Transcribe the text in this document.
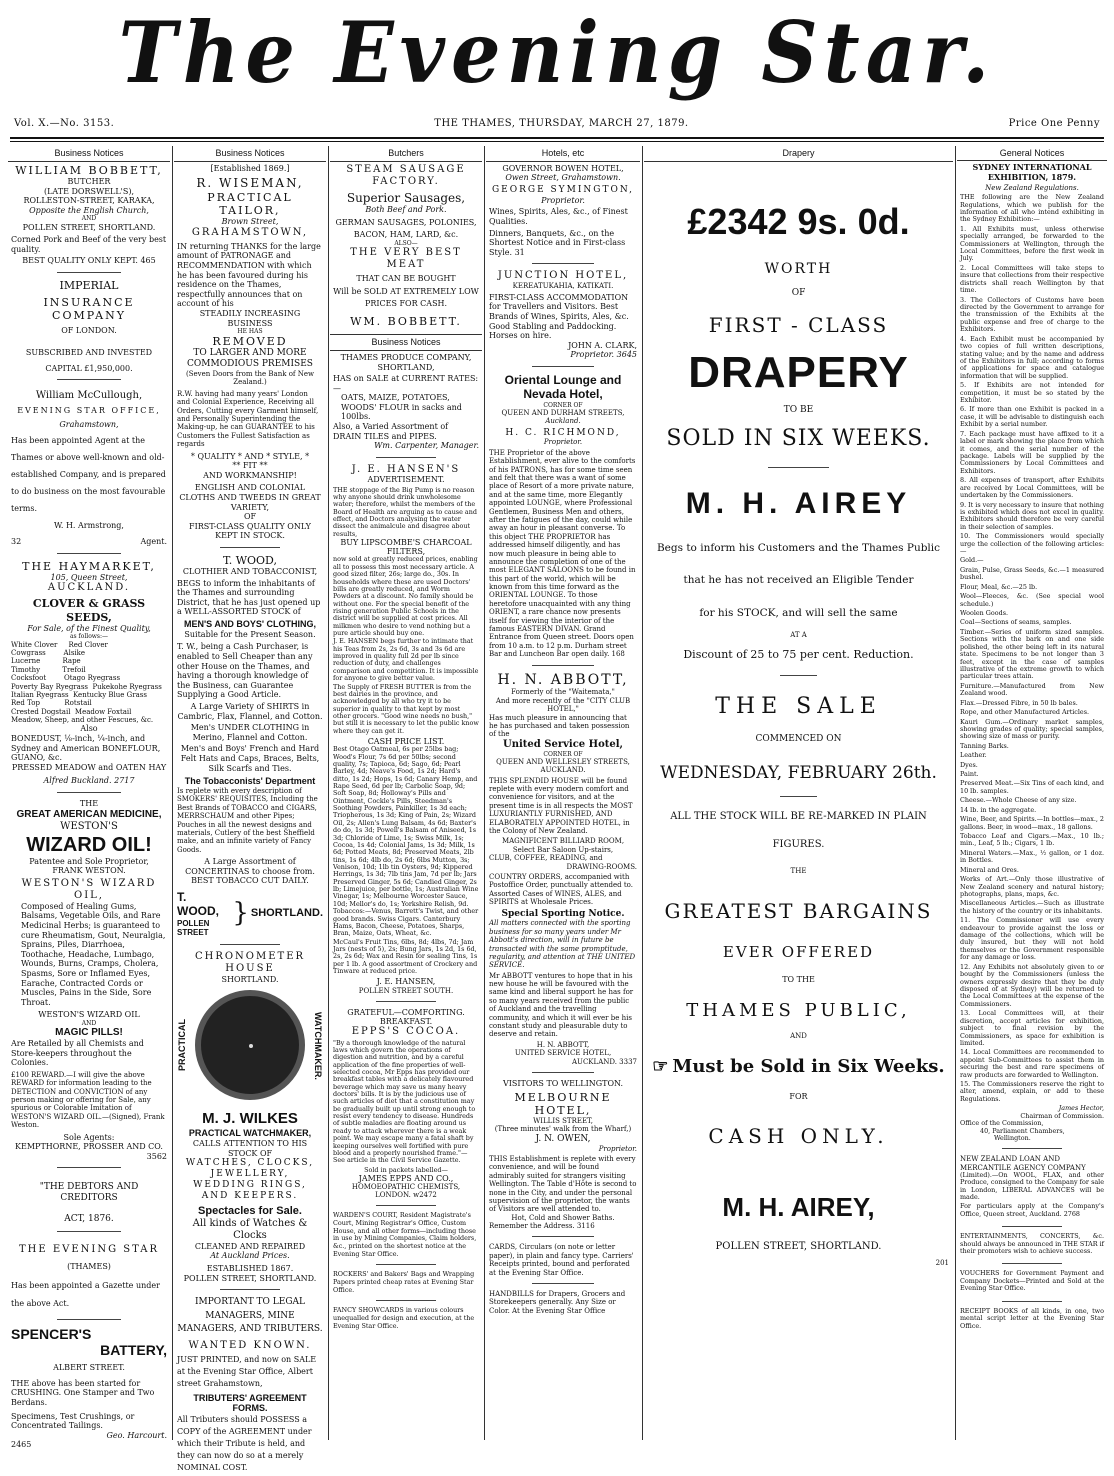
The Evening Star.
Vol. X.—No. 3153.	THE THAMES, THURSDAY, MARCH 27, 1879.	Price One Penny
Business Notices
WILLIAM BOBBETT,
BUTCHER
(LATE DORSWELL'S),
ROLLESTON-STREET, KARAKA,
Opposite the English Church,
AND
POLLEN STREET, SHORTLAND.
Corned Pork and Beef of the very best quality.
BEST QUALITY ONLY KEPT. 465
IMPERIAL
INSURANCE COMPANY
OF LONDON.
SUBSCRIBED AND INVESTED
CAPITAL £1,950,000.
William McCullough,
EVENING STAR OFFICE,
Grahamstown,
Has been appointed Agent at the Thames or above well-known and old-established Company, and is prepared to do business on the most favourable terms.
W. H. Armstrong,
32	Agent.
THE HAYMARKET,
105, Queen Street,
AUCKLAND.
CLOVER & GRASS SEEDS,
For Sale, of the Finest Quality,
as follows:—
White Clover     Red Clover
Cowgrass        Alsike
Lucerne          Rape
Timothy          Trefoil
Cocksfoot        Otago Ryegrass
Poverty Bay Ryegrass  Pukekohe Ryegrass
Italian Ryegrass  Kentucky Blue Grass
Red Top           Rotstail
Crested Dogstail  Meadow Foxtail
Meadow, Sheep, and other Fescues, &c.
Also
BONEDUST, ⅛-inch, ¼-inch, and Sydney and American BONEFLOUR, GUANO, &c.
PRESSED MEADOW and OATEN HAY
Alfred Buckland. 2717
THE
GREAT AMERICAN MEDICINE,
WESTON'S
WIZARD OIL!
Patentee and Sole Proprietor,
FRANK WESTON.
WESTON'S WIZARD OIL,
Composed of Healing Gums, Balsams, Vegetable Oils, and Rare Medicinal Herbs; is guaranteed to cure Rheumatism, Gout, Neuralgia, Sprains, Piles, Diarrhoea, Toothache, Headache, Lumbago, Wounds, Burns, Cramps, Cholera, Spasms, Sore or Inflamed Eyes, Earache, Contracted Cords or Muscles, Pains in the Side, Sore Throat.
WESTON'S WIZARD OIL
AND
MAGIC PILLS!
Are Retailed by all Chemists and Store-keepers throughout the Colonies.
£100 REWARD.—I will give the above REWARD for information leading to the DETECTION and CONVICTION of any person making or offering for Sale, any spurious or Colorable Imitation of WESTON'S WIZARD OIL.—(Signed), Frank Weston.
Sole Agents:
KEMPTHORNE, PROSSER AND CO.
3562
"THE DEBTORS AND CREDITORS
ACT, 1876.
THE EVENING STAR
(THAMES)
Has been appointed a Gazette under the above Act.
SPENCER'S
BATTERY,
ALBERT STREET.
THE above has been started for CRUSHING. One Stamper and Two Berdans.
Specimens, Test Crushings, or Concentrated Tailings.
Geo. Harcourt.
2465
Business Notices
[Established 1869.]
R. WISEMAN,
PRACTICAL TAILOR,
Brown Street,
GRAHAMSTOWN,
IN returning THANKS for the large amount of PATRONAGE and RECOMMENDATION with which he has been favoured during his residence on the Thames, respectfully announces that on account of his
STEADILY INCREASING BUSINESS
HE HAS
REMOVED
TO LARGER AND MORE COMMODIOUS PREMISES
(Seven Doors from the Bank of New Zealand.)
R.W. having had many years' London and Colonial Experience, Receiving all Orders, Cutting every Garment himself, and Personally Superintending the Making-up, he can GUARANTEE to his Customers the Fullest Satisfaction as regards
* QUALITY * AND * STYLE, *
** FIT **
AND WORKMANSHIP!
ENGLISH AND COLONIAL CLOTHS AND TWEEDS IN GREAT VARIETY,
OF
FIRST-CLASS QUALITY ONLY KEPT IN STOCK.
T. WOOD,
CLOTHIER AND TOBACCONIST,
BEGS to inform the inhabitants of the Thames and surrounding District, that he has just opened up a WELL-ASSORTED STOCK of
MEN'S AND BOYS' CLOTHING,
Suitable for the Present Season.
T. W., being a Cash Purchaser, is enabled to Sell Cheaper than any other House on the Thames, and having a thorough knowledge of the Business, can Guarantee Supplying a Good Article.
A Large Variety of SHIRTS in Cambric, Flax, Flannel, and Cotton.
Men's UNDER CLOTHING in Merino, Flannel and Cotton.
Men's and Boys' French and Hard Felt Hats and Caps, Braces, Belts, Silk Scarfs and Ties.
The Tobacconists' Department
Is replete with every description of SMOKERS' REQUISITES, Including the Best Brands of TOBACCO and CIGARS, MERRSCHAUM and other Pipes; Pouches in all the newest designs and materials, Cutlery of the best Sheffield make, and an infinite variety of Fancy Goods.
A Large Assortment of CONCERTINAS to choose from.
BEST TOBACCO CUT DAILY.
T. WOOD,
POLLEN STREET
} SHORTLAND.
CHRONOMETER HOUSE
SHORTLAND.
PRACTICAL	WATCHMAKER.
M. J. WILKES
PRACTICAL WATCHMAKER,
CALLS ATTENTION TO HIS STOCK OF
WATCHES, CLOCKS, JEWELLERY, WEDDING RINGS, AND KEEPERS.
Spectacles for Sale.
All kinds of Watches & Clocks
CLEANED AND REPAIRED
At Auckland Prices.
ESTABLISHED 1867.
POLLEN STREET, SHORTLAND.
IMPORTANT TO LEGAL MANAGERS, MINE MANAGERS, AND TRIBUTERS.
WANTED KNOWN.
JUST PRINTED, and now on SALE at the Evening Star Office, Albert street Grahamstown,
TRIBUTERS' AGREEMENT FORMS.
All Tributers should POSSESS a COPY of the AGREEMENT under which their Tribute is held, and they can now do so at a merely NOMINAL COST.
Butchers
STEAM SAUSAGE FACTORY.
Superior Sausages,
Both Beef and Pork.
GERMAN SAUSAGES, POLONIES,
BACON, HAM, LARD, &c.
ALSO—
THE VERY BEST MEAT
THAT CAN BE BOUGHT
Will be SOLD AT EXTREMELY LOW
PRICES FOR CASH.
WM. BOBBETT.
Business Notices
THAMES PRODUCE COMPANY, SHORTLAND,
HAS on SALE at CURRENT RATES:—
OATS, MAIZE, POTATOES, WOODS' FLOUR in sacks and 100lbs.
Also, a Varied Assortment of DRAIN TILES and PIPES.
Wm. Carpenter, Manager.
J. E. HANSEN'S
ADVERTISEMENT.
THE stoppage of the Big Pump is no reason why anyone should drink unwholesome water; therefore, whilst the members of the Board of Health are arguing as to cause and effect, and Doctors analysing the water dissect the animalcule and disagree about results,
BUY LIPSCOMBE'S CHARCOAL FILTERS,
now sold at greatly reduced prices, enabling all to possess this most necessary article. A good sized filter, 26s; large do., 30s. In households where these are used Doctors' bills are greatly reduced, and Worm Powders at a discount. No family should be without one. For the special benefit of the rising generation Public Schools in the district will be supplied at cost prices. All milkmen who desire to vend nothing but a pure article should buy one.
J. E. HANSEN begs further to intimate that his Teas from 2s, 2s 6d, 3s and 3s 6d are improved in quality full 2d per lb since reduction of duty, and challenges comparison and competition. It is impossible for anyone to give better value.
The Supply of FRESH BUTTER is from the best dairies in the province, and acknowledged by all who try it to be superior in quality to that kept by most other grocers. "Good wine needs no bush," but still it is necessary to let the public know where they can get it.
CASH PRICE LIST.
Best Otago Oatmeal, 6s per 25lbs bag; Wood's Flour, 7s 6d per 50lbs; second quality, 7s; Tapioca, 6d; Sago, 6d; Pearl Barley, 4d; Neave's Food, 1s 2d; Hard's ditto, 1s 2d; Hops, 1s 6d; Canary Hemp, and Rape Seed, 6d per lb; Carbolic Soap, 9d; Soft Soap, 8d; Holloway's Pills and Ointment, Cockle's Pills, Steedman's Soothing Powders, Painkiller, 1s 3d each; Triopherous, 1s 3d; King of Pain, 2s; Wizard Oil, 2s; Allen's Lung Balsam, 4s 6d; Baxter's do do, 1s 3d; Powell's Balsam of Aniseed, 1s 3d; Chloride of Lime, 1s; Swiss Milk, 1s; Cocoa, 1s 4d; Colonial Jams, 1s 3d; Milk, 1s 6d; Potted Meats, 8d; Preserved Meats, 2lb tins, 1s 6d; 4lb do, 2s 6d; 6lbs Mutton, 3s; Venison, 10d; 1lb tin Oysters, 9d; Kippered Herrings, 1s 3d; 7lb tins Jam, 7d per lb; Jars Preserved Ginger, 5s 6d; Candied Ginger, 2s lb; Limejuice, per bottle, 1s; Australian Wine Vinegar, 1s; Melbourne Worcester Sauce, 10d; Mellor's do, 1s; Yorkshire Relish, 9d. Tobaccos:—Venus, Barrett's Twist, and other good brands. Swiss Cigars. Canterbury Hams, Bacon, Cheese, Potatoes, Sharps, Bran, Maize, Oats, Wheat, &c.
McCaul's Fruit Tins, 6lbs, 8d; 4lbs, 7d; Jam Jars (nests of 5), 2s; Bung Jars, 1s 2d, 1s 6d, 2s, 2s 6d; Wax and Resin for sealing Tins, 1s per 1 lb. A good assortment of Crockery and Tinware at reduced price.
J. E. HANSEN,
POLLEN STREET SOUTH.
GRATEFUL—COMFORTING.
BREAKFAST.
EPPS'S COCOA.
"By a thorough knowledge of the natural laws which govern the operations of digestion and nutrition, and by a careful application of the fine properties of well-selected cocoa, Mr Epps has provided our breakfast tables with a delicately flavoured beverage which may save us many heavy doctors' bills. It is by the judicious use of such articles of diet that a constitution may be gradually built up until strong enough to resist every tendency to disease. Hundreds of subtle maladies are floating around us ready to attack wherever there is a weak point. We may escape many a fatal shaft by keeping ourselves well fortified with pure blood and a properly nourished frame."—See article in the Civil Service Gazette.
Sold in packets labelled—
JAMES EPPS AND CO.,
HOMOEOPATHIC CHEMISTS,
LONDON. w2472
WARDEN'S COURT, Resident Magistrate's Court, Mining Registrar's Office, Custom House, and all other forms—including those in use by Mining Companies, Claim holders, &c., printed on the shortest notice at the Evening Star Office.
ROCKERS' and Bakers' Bags and Wrapping Papers printed cheap rates at Evening Star Office.
FANCY SHOWCARDS in various colours unequalled for design and execution, at the Evening Star Office.
Hotels, etc
GOVERNOR BOWEN HOTEL,
Owen Street, Grahamstown.
GEORGE SYMINGTON,
Proprietor.
Wines, Spirits, Ales, &c., of Finest Qualities.
Dinners, Banquets, &c., on the Shortest Notice and in First-class Style. 31
JUNCTION HOTEL,
KEREATUKAHIA, KATIKATI.
FIRST-CLASS ACCOMMODATION for Travellers and Visitors. Best Brands of Wines, Spirits, Ales, &c. Good Stabling and Paddocking. Horses on hire.
JOHN A. CLARK,
Proprietor. 3645
Oriental Lounge and Nevada Hotel,
CORNER OF
QUEEN AND DURHAM STREETS,
Auckland.
H. C. RICHMOND,
Proprietor.
THE Proprietor of the above Establishment, ever alive to the comforts of his PATRONS, has for some time seen and felt that there was a want of some place of Resort of a more private nature, and at the same time, more Elegantly appointed LOUNGE, where Professional Gentlemen, Business Men and others, after the fatigues of the day, could while away an hour in pleasant converse. To this object THE PROPRIETOR has addressed himself diligently, and has now much pleasure in being able to announce the completion of one of the most ELEGANT SALOONS to be found in this part of the world, which will be known from this time forward as the ORIENTAL LOUNGE. To those heretofore unacquainted with any thing ORIENT, a rare chance now presents itself for viewing the interior of the famous EASTERN DIVAN. Grand Entrance from Queen street. Doors open from 10 a.m. to 12 p.m. Durham street Bar and Luncheon Bar open daily. 168
H. N. ABBOTT,
Formerly of the "Waitemata,"
And more recently of the "CITY CLUB HOTEL,"
Has much pleasure in announcing that he has purchased and taken possession of the
United Service Hotel,
CORNER OF
QUEEN AND WELLESLEY STREETS, AUCKLAND.
THIS SPLENDID HOUSE will be found replete with every modern comfort and convenience for visitors, and at the present time is in all respects the MOST LUXURIANTLY FURNISHED, AND ELABORATELY APPOINTED HOTEL, in the Colony of New Zealand.
MAGNIFICENT BILLIARD ROOM,
Select Bar Saloon Up-stairs,
CLUB, COFFEE, READING, and
DRAWING-ROOMS.
COUNTRY ORDERS, accompanied with Postoffice Order, punctually attended to.
Assorted Cases of WINES, ALES, and SPIRITS at Wholesale Prices.
Special Sporting Notice.
All matters connected with the sporting business for so many years under Mr Abbott's direction, will in future be transacted with the same promptitude, regularity, and attention at THE UNITED SERVICE.
Mr ABBOTT ventures to hope that in his new house he will be favoured with the same kind and liberal support he has for so many years received from the public of Auckland and the travelling community, and which it will ever be his constant study and pleasurable duty to deserve and retain.
H. N. ABBOTT,
UNITED SERVICE HOTEL,
AUCKLAND. 3337
VISITORS TO WELLINGTON.
MELBOURNE HOTEL,
WILLIS STREET,
(Three minutes' walk from the Wharf,)
J. N. OWEN,
Proprietor.
THIS Establishment is replete with every convenience, and will be found admirably suited for strangers visiting Wellington. The Table d'Hôte is second to none in the City, and under the personal supervision of the proprietor, the wants of Visitors are well attended to.
Hot, Cold and Shower Baths.
Remember the Address. 3116
CARDS, Circulars (on note or letter paper), in plain and fancy type. Carriers' Receipts printed, bound and perforated at the Evening Star Office.
HANDBILLS for Drapers, Grocers and Storekeepers generally. Any Size or Color. At the Evening Star Office
Drapery
£2342 9s. 0d.
WORTH
OF
FIRST - CLASS
DRAPERY
TO BE
SOLD IN SIX WEEKS.
M. H. AIREY
Begs to inform his Customers and the Thames Public
that he has not received an Eligible Tender
for his STOCK, and will sell the same
AT A
Discount of 25 to 75 per cent. Reduction.
THE SALE
COMMENCED ON
WEDNESDAY, FEBRUARY 26th.
ALL THE STOCK WILL BE RE-MARKED IN PLAIN
FIGURES.
THE
GREATEST BARGAINS
EVER OFFERED
TO THE
THAMES PUBLIC,
AND
☞ Must be Sold in Six Weeks.
FOR
CASH ONLY.
M. H. AIREY,
POLLEN STREET, SHORTLAND.
201
General Notices
SYDNEY INTERNATIONAL EXHIBITION, 1879.
New Zealand Regulations.

THE following are the New Zealand Regulations, which we publish for the information of all who intend exhibiting in the Sydney Exhibition:—

1. All Exhibits must, unless otherwise specially arranged, be forwarded to the Commissioners at Wellington, through the Local Committees, before the first week in July.

2. Local Committees will take steps to insure that collections from their respective districts shall reach Wellington by that time.

3. The Collectors of Customs have been directed by the Government to arrange for the transmission of the Exhibits at the public expense and free of charge to the Exhibitors.

4. Each Exhibit must be accompanied by two copies of full written descriptions, stating value; and by the name and address of the Exhibitors in full; according to forms of applications for space and catalogue information that will be supplied.

5. If Exhibits are not intended for competition, it must be so stated by the Exhibitor.

6. If more than one Exhibit is packed in a case, it will be advisable to distinguish each Exhibit by a serial number.

7. Each package must have affixed to it a label or mark showing the place from which it comes, and the serial number of the package. Labels will be supplied by the Commissioners by Local Committees and Exhibitors.

8. All expenses of transport, after Exhibits are received by Local Committees, will be undertaken by the Commissioners.

9. It is very necessary to insure that nothing is exhibited which does not excel in quality. Exhibitors should therefore be very careful in their selection of samples.

10. The Commissioners would specially urge the collection of the following articles:—

Gold.—

Grain, Pulse, Grass Seeds, &c.—1 measured bushel.

Flour, Meal, &c.—25 lb.

Wool—Fleeces, &c. (See special wool schedule.)

Woolen Goods.

Coal—Sections of seams, samples.

Timber.—Series of uniform sized samples. Sections with the bark on and one side polished, the other being left in its natural state. Specimens to be not longer than 3 feet, except in the case of samples illustrative of the extreme growth to which particular trees attain.

Furniture.—Manufactured from New Zealand wood.

Flax.—Dressed Fibre, in 50 lb bales.

Rope, and other Manufactured Articles.

Kauri Gum.—Ordinary market samples, showing grades of quality; special samples, showing size of mass or purity.

Tanning Barks.

Leather.

Dyes.

Paint.

Preserved Meat.—Six Tins of each kind, and 10 lb. samples.

Cheese.—Whole Cheese of any size.

14 lb. in the aggregate.

Wine, Beer, and Spirits.—In bottles—max., 2 gallons. Beer, in wood—max., 18 gallons.

Tobacco Leaf and Cigars.—Max., 10 lb.; min., Leaf, 5 lb.; Cigars, 1 lb.

Mineral Waters.—Max., ½ gallon, or 1 doz. in Bottles.

Mineral and Ores.

Works of Art.—Only those illustrative of New Zealand scenery and natural history; photographs, plans, maps, &c.

Miscellaneous Articles.—Such as illustrate the history of the country or its inhabitants.

11. The Commissioner will use every endeavour to provide against the loss or damage of the collections, which will be duly insured, but they will not hold themselves or the Government responsible for any damage or loss.

12. Any Exhibits not absolutely given to or bought by the Commissioners (unless the owners expressly desire that they be duly disposed of at Sydney) will be returned to the Local Committees at the expense of the Commissioners.

13. Local Committees will, at their discretion, accept articles for exhibition, subject to final revision by the Commissioners, as space for exhibition is limited.

14. Local Committees are recommended to appoint Sub-Committees to assist them in securing the best and rare specimens of raw products are forwarded to Wellington.

15. The Commissioners reserve the right to alter, amend, explain, or add to these Regulations.

James Hector,
Chairman of Commission.
Office of the Commission,
40, Parliament Chambers,
Wellington.
NEW ZEALAND LOAN AND MERCANTILE AGENCY COMPANY

(Limited).—On WOOL, FLAX, and other Produce, consigned to the Company for sale in London, LIBERAL ADVANCES will be made.

For particulars apply at the Company's Office, Queen street, Auckland. 2768

ENTERTAINMENTS, CONCERTS, &c. should always be announced in THE STAR if their promoters wish to achieve success.

VOUCHERS for Government Payment and Company Dockets—Printed and Sold at the Evening Star Office.

RECEIPT BOOKS of all kinds, in one, two mental script letter at the Evening Star Office.
